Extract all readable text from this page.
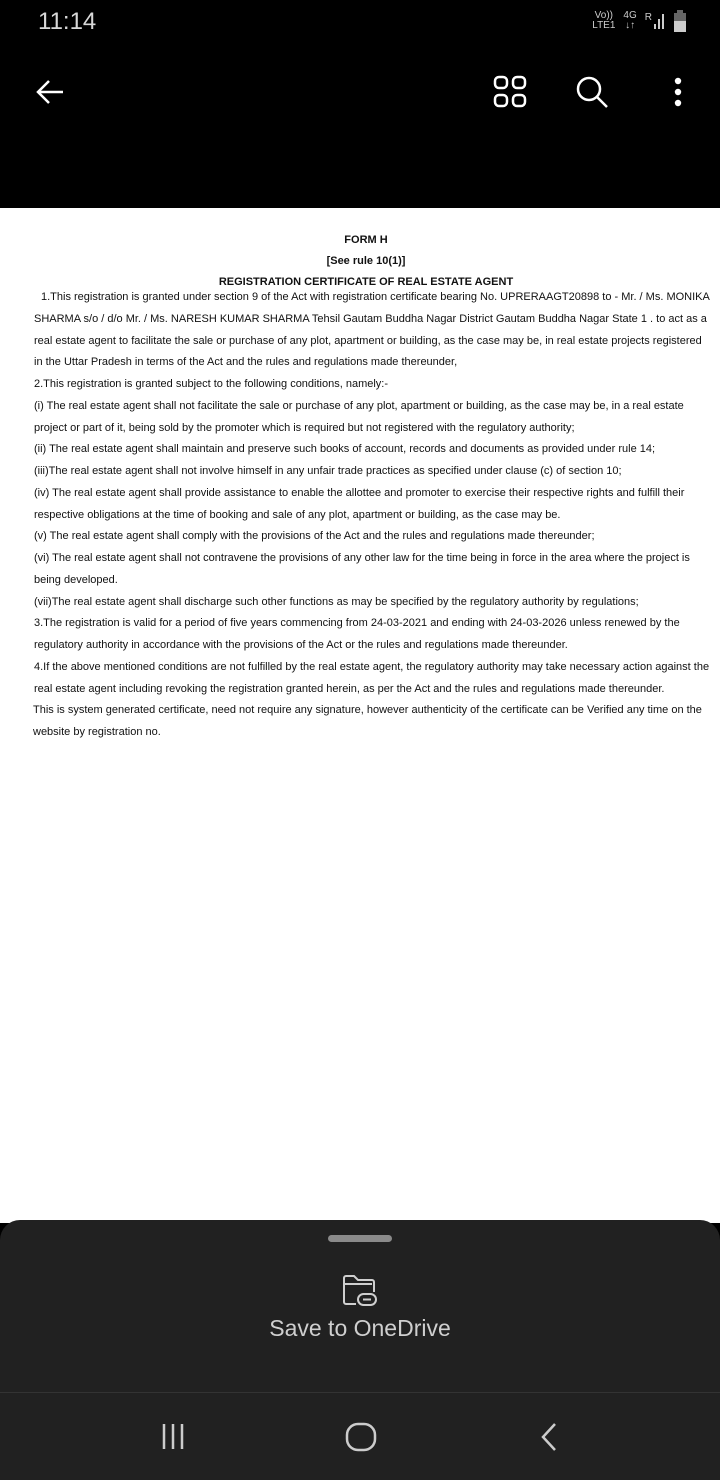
11:14	Vo))
LTE1
4G
↓↑
R
FORM H
[See rule 10(1)]
REGISTRATION CERTIFICATE OF REAL ESTATE AGENT

1.This registration is granted under section 9 of the Act with registration certificate bearing No. UPRERAAGT20898 to - Mr. / Ms. MONIKA SHARMA s/o / d/o Mr. / Ms. NARESH KUMAR SHARMA Tehsil Gautam Buddha Nagar District Gautam Buddha Nagar State 1 . to act as a real estate agent to facilitate the sale or purchase of any plot, apartment or building, as the case may be, in real estate projects registered in the Uttar Pradesh in terms of the Act and the rules and regulations made thereunder,

2.This registration is granted subject to the following conditions, namely:-

(i) The real estate agent shall not facilitate the sale or purchase of any plot, apartment or building, as the case may be, in a real estate project or part of it, being sold by the promoter which is required but not registered with the regulatory authority;

(ii) The real estate agent shall maintain and preserve such books of account, records and documents as provided under rule 14;

(iii)The real estate agent shall not involve himself in any unfair trade practices as specified under clause (c) of section 10;

(iv) The real estate agent shall provide assistance to enable the allottee and promoter to exercise their respective rights and fulfill their respective obligations at the time of booking and sale of any plot, apartment or building, as the case may be.

(v) The real estate agent shall comply with the provisions of the Act and the rules and regulations made thereunder;

(vi) The real estate agent shall not contravene the provisions of any other law for the time being in force in the area where the project is being developed.

(vii)The real estate agent shall discharge such other functions as may be specified by the regulatory authority by regulations;

3.The registration is valid for a period of five years commencing from 24-03-2021 and ending with 24-03-2026 unless renewed by the regulatory authority in accordance with the provisions of the Act or the rules and regulations made thereunder.

4.If the above mentioned conditions are not fulfilled by the real estate agent, the regulatory authority may take necessary action against the real estate agent including revoking the registration granted herein, as per the Act and the rules and regulations made thereunder.

This is system generated certificate, need not require any signature, however authenticity of the certificate can be Verified any time on the website by registration no.

Save to OneDrive
